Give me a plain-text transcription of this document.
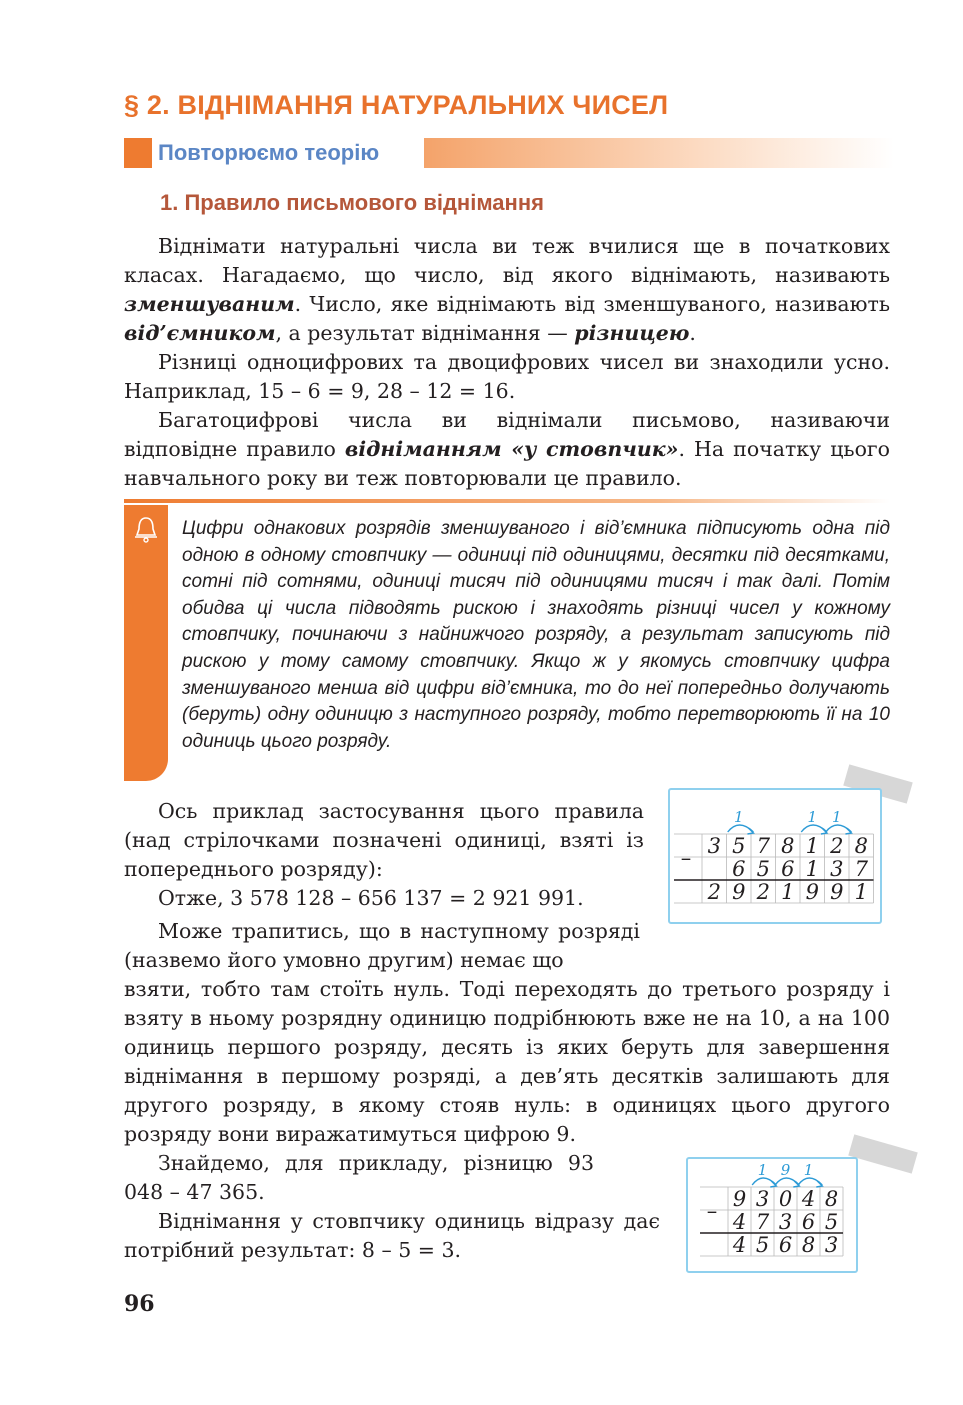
§ 2. ВІДНІМАННЯ НАТУРАЛЬНИХ ЧИСЕЛ
Повторюємо теорію
1. Правило письмового віднімання

Віднімати натуральні числа ви теж вчилися ще в початкових класах. Нагадаємо, що число, від якого віднімають, називають зменшуваним. Число, яке віднімають від зменшуваного, називають від’ємником, а результат віднімання — різницею.

Різниці одноцифрових та двоцифрових чисел ви знаходили усно. Наприклад, 15 – 6 = 9, 28 – 12 = 16.

Багатоцифрові числа ви віднімали письмово, називаючи відповідне правило відніманням «у стовпчик». На початку цього навчального року ви теж повторювали це правило.

Цифри однакових розрядів зменшуваного і від’ємника підписують одна під одною в одному стовпчику — одиниці під одиницями, десятки під десятками, сотні під сотнями, одиниці тисяч під одиницями тисяч і так далі. Потім обидва ці числа підводять рискою і знаходять різниці чисел у кожному стовпчику, починаючи з найнижчого розряду, а результат записують під рискою у тому самому стовпчику. Якщо ж у якомусь стовпчику цифра зменшуваного менша від цифри від’ємника, то до неї попередньо долучають (беруть) одну одиницю з наступного розряду, тобто перетворюють її на 10 одиниць цього розряду.

Ось приклад застосування цього правила (над стрілочками позначені одиниці, взяті із попереднього розряду):

Отже, 3 578 128 – 656 137 = 2 921 991.

Може трапитись, що в наступному розряді (назвемо його умовно другим) немає що

взяти, тобто там стоїть нуль. Тоді переходять до третього розряду і взяту в ньому розрядну одиницю подрібнюють вже не на 10, а на 100 одиниць першого розряду, десять із яких беруть для завершення віднімання в першому розряді, а дев’ять десятків залишають для другого розряду, в якому стояв нуль: в одиницях цього другого розряду вони виражатимуться цифрою 9.

Знайдемо, для прикладу, різницю 93 048 – 47 365.

Віднімання у стовпчику одиниць відразу дає потрібний результат: 8 – 5 = 3.

3 5 7 8 1 2 8
6 5 6 1 3 7
2 9 2 1 9 9 1
–
1	1 1
9 3 0 4 8
4 7 3 6 5
4 5 6 8 3
–
1 9 1

96
